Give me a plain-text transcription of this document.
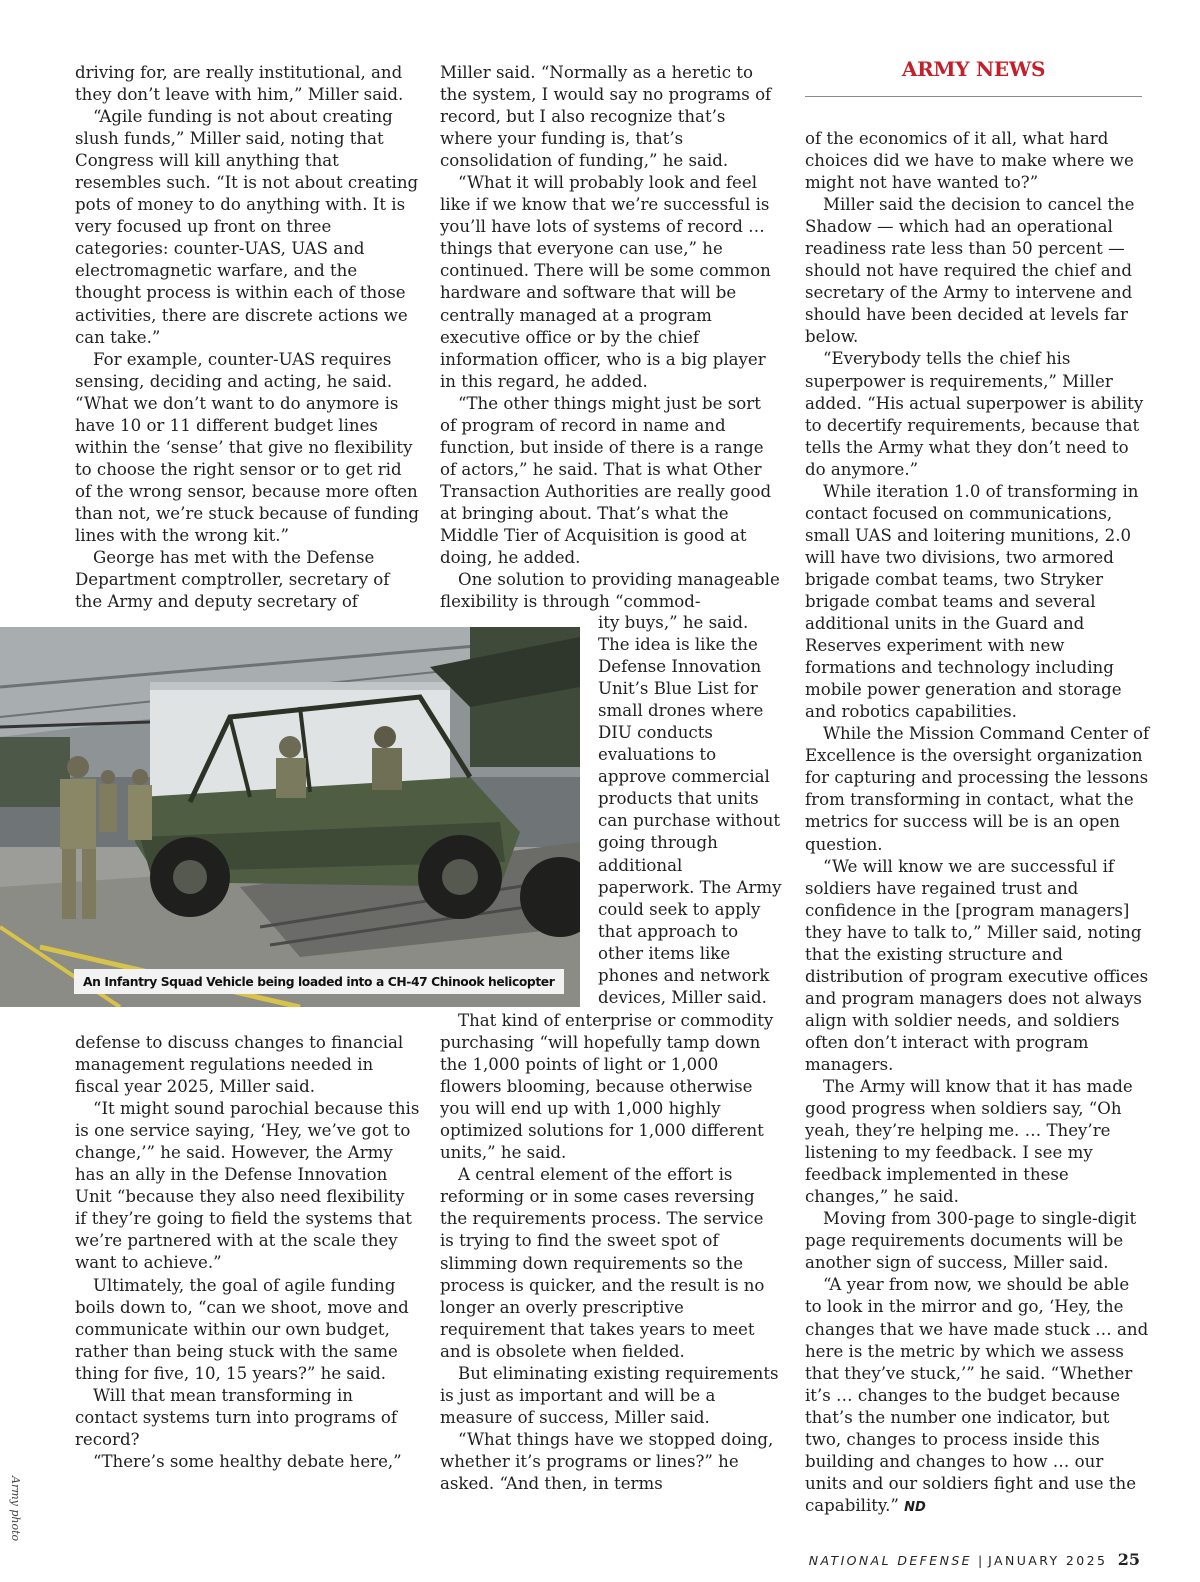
ARMY NEWS

driving for, are really institutional, and they don’t leave with him,” Miller said.

“Agile funding is not about creating slush funds,” Miller said, noting that Congress will kill anything that resembles such. “It is not about creating pots of money to do anything with. It is very focused up front on three categories: counter-UAS, UAS and electromagnetic warfare, and the thought process is within each of those activities, there are discrete actions we can take.”

For example, counter-UAS requires sensing, deciding and acting, he said. “What we don’t want to do anymore is have 10 or 11 different budget lines within the ‘sense’ that give no flexibility to choose the right sensor or to get rid of the wrong sensor, because more often than not, we’re stuck because of funding lines with the wrong kit.”

George has met with the Defense Department comptroller, secretary of the Army and deputy secretary of

defense to discuss changes to financial management regulations needed in fiscal year 2025, Miller said.

“It might sound parochial because this is one service saying, ‘Hey, we’ve got to change,’” he said. However, the Army has an ally in the Defense Innovation Unit “because they also need flexibility if they’re going to field the systems that we’re partnered with at the scale they want to achieve.”

Ultimately, the goal of agile funding boils down to, “can we shoot, move and communicate within our own budget, rather than being stuck with the same thing for five, 10, 15 years?” he said.

Will that mean transforming in contact systems turn into programs of record?

“There’s some healthy debate here,”

Miller said. “Normally as a heretic to the system, I would say no programs of record, but I also recognize that’s where your funding is, that’s consolidation of funding,” he said.

“What it will probably look and feel like if we know that we’re successful is you’ll have lots of systems of record … things that everyone can use,” he continued. There will be some common hardware and software that will be centrally managed at a program executive office or by the chief information officer, who is a big player in this regard, he added.

“The other things might just be sort of program of record in name and function, but inside of there is a range of actors,” he said. That is what Other Transaction Authorities are really good at bringing about. That’s what the Middle Tier of Acquisition is good at doing, he added.

One solution to providing manageable flexibility is through “commod-

ity buys,” he said. The idea is like the Defense Innovation Unit’s Blue List for small drones where DIU conducts evaluations to approve commercial products that units can purchase without going through additional paperwork. The Army could seek to apply that approach to other items like phones and network devices, Miller said.

That kind of enterprise or commodity purchasing “will hopefully tamp down the 1,000 points of light or 1,000 flowers blooming, because otherwise you will end up with 1,000 highly optimized solutions for 1,000 different units,” he said.

A central element of the effort is reforming or in some cases reversing the requirements process. The service is trying to find the sweet spot of slimming down requirements so the process is quicker, and the result is no longer an overly prescriptive requirement that takes years to meet and is obsolete when fielded.

But eliminating existing requirements is just as important and will be a measure of success, Miller said.

“What things have we stopped doing, whether it’s programs or lines?” he asked. “And then, in terms

of the economics of it all, what hard choices did we have to make where we might not have wanted to?”

Miller said the decision to cancel the Shadow — which had an operational readiness rate less than 50 percent — should not have required the chief and secretary of the Army to intervene and should have been decided at levels far below.

“Everybody tells the chief his superpower is requirements,” Miller added. “His actual superpower is ability to decertify requirements, because that tells the Army what they don’t need to do anymore.”

While iteration 1.0 of transforming in contact focused on communications, small UAS and loitering munitions, 2.0 will have two divisions, two armored brigade combat teams, two Stryker brigade combat teams and several additional units in the Guard and Reserves experiment with new formations and technology including mobile power generation and storage and robotics capabilities.

While the Mission Command Center of Excellence is the oversight organization for capturing and processing the lessons from transforming in contact, what the metrics for success will be is an open question.

“We will know we are successful if soldiers have regained trust and confidence in the [program managers] they have to talk to,” Miller said, noting that the existing structure and distribution of program executive offices and program managers does not always align with soldier needs, and soldiers often don’t interact with program managers.

The Army will know that it has made good progress when soldiers say, “Oh yeah, they’re helping me. … They’re listening to my feedback. I see my feedback implemented in these changes,” he said.

Moving from 300-page to single-digit page requirements documents will be another sign of success, Miller said.

“A year from now, we should be able to look in the mirror and go, ‘Hey, the changes that we have made stuck … and here is the metric by which we assess that they’ve stuck,’” he said. “Whether it’s … changes to the budget because that’s the number one indicator, but two, changes to process inside this building and changes to how … our units and our soldiers fight and use the capability.” ND

An Infantry Squad Vehicle being loaded into a CH-47 Chinook helicopter
Army photo
NATIONAL DEFENSE | JANUARY 2025 25
